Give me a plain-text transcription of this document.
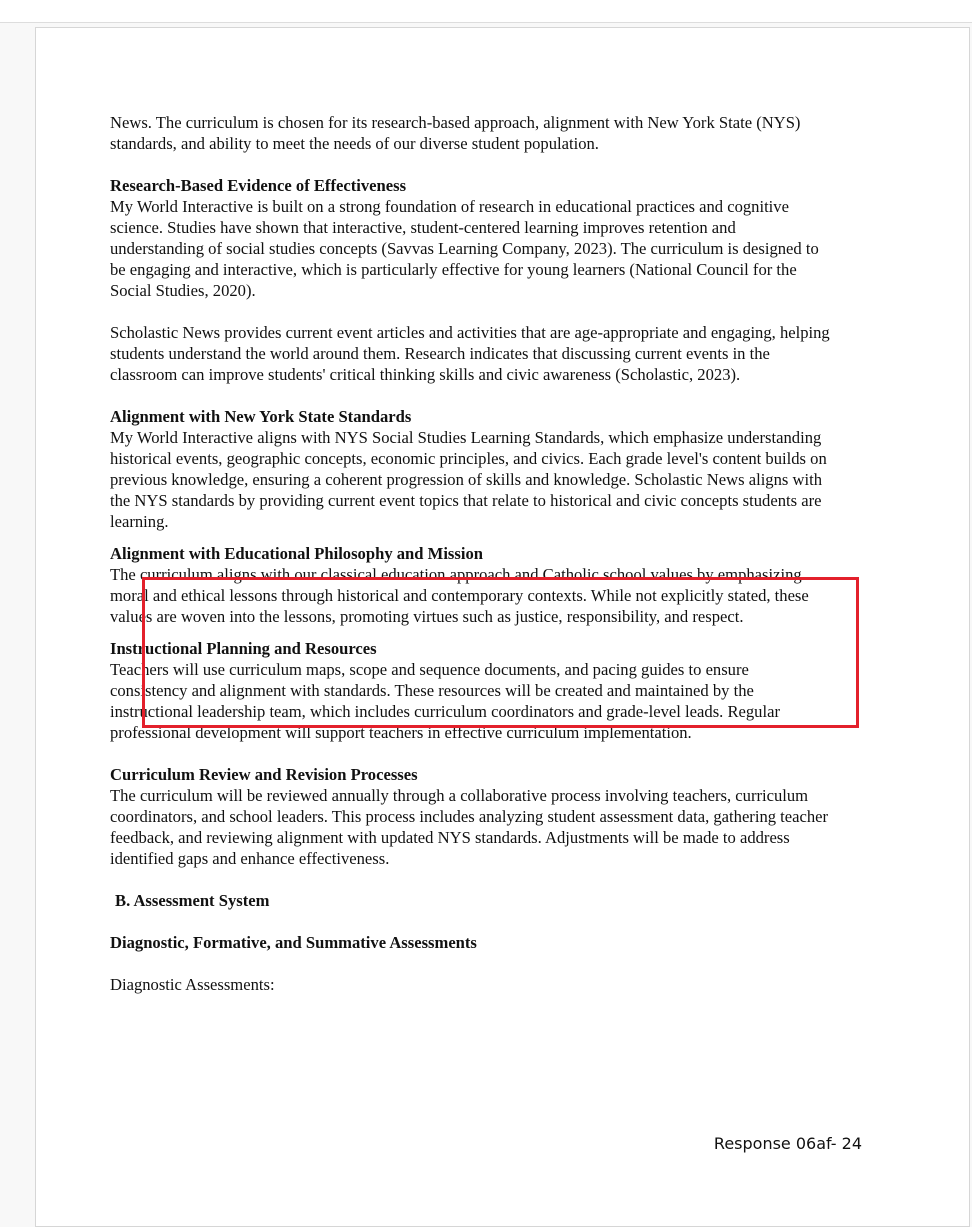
News. The curriculum is chosen for its research-based approach, alignment with New York State (NYS) standards, and ability to meet the needs of our diverse student population.

Research-Based Evidence of Effectiveness
My World Interactive is built on a strong foundation of research in educational practices and cognitive science. Studies have shown that interactive, student-centered learning improves retention and understanding of social studies concepts (Savvas Learning Company, 2023). The curriculum is designed to be engaging and interactive, which is particularly effective for young learners (National Council for the Social Studies, 2020).

Scholastic News provides current event articles and activities that are age-appropriate and engaging, helping students understand the world around them. Research indicates that discussing current events in the classroom can improve students' critical thinking skills and civic awareness (Scholastic, 2023).

Alignment with New York State Standards
My World Interactive aligns with NYS Social Studies Learning Standards, which emphasize understanding historical events, geographic concepts, economic principles, and civics. Each grade level's content builds on previous knowledge, ensuring a coherent progression of skills and knowledge. Scholastic News aligns with the NYS standards by providing current event topics that relate to historical and civic concepts students are learning.

Alignment with Educational Philosophy and Mission
The curriculum aligns with our classical education approach and Catholic school values by emphasizing moral and ethical lessons through historical and contemporary contexts. While not explicitly stated, these values are woven into the lessons, promoting virtues such as justice, responsibility, and respect.

Instructional Planning and Resources
Teachers will use curriculum maps, scope and sequence documents, and pacing guides to ensure consistency and alignment with standards. These resources will be created and maintained by the instructional leadership team, which includes curriculum coordinators and grade-level leads. Regular professional development will support teachers in effective curriculum implementation.

Curriculum Review and Revision Processes
The curriculum will be reviewed annually through a collaborative process involving teachers, curriculum coordinators, and school leaders. This process includes analyzing student assessment data, gathering teacher feedback, and reviewing alignment with updated NYS standards. Adjustments will be made to address identified gaps and enhance effectiveness.

B. Assessment System

Diagnostic, Formative, and Summative Assessments

Diagnostic Assessments:

Response 06af- 24
